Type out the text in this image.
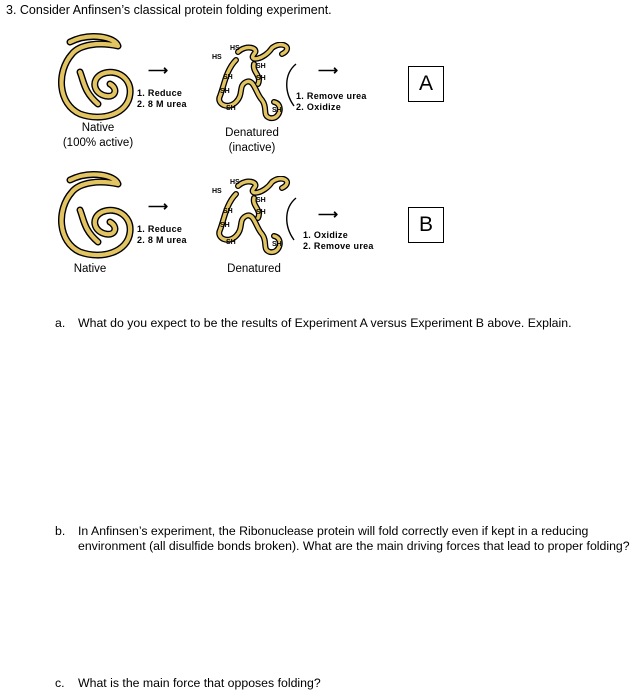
3. Consider Anfinsen’s classical protein folding experiment.
⟶
1. Reduce
2. 8 M urea
HS
HS
SH
SH
SH
SH
SH	SH
⟶
1. Remove urea
2. Oxidize
A
Native
(100% active)
Denatured
(inactive)
⟶
1. Reduce
2. 8 M urea
HS
HS
SH
SH
SH
SH
SH	SH
⟶
1. Oxidize
2. Remove urea
B
Native	Denatured
a. What do you expect to be the results of Experiment A versus Experiment B above. Explain.
b. In Anfinsen’s experiment, the Ribonuclease protein will fold correctly even if kept in a reducing environment (all disulfide bonds broken). What are the main driving forces that lead to proper folding?
c. What is the main force that opposes folding?
